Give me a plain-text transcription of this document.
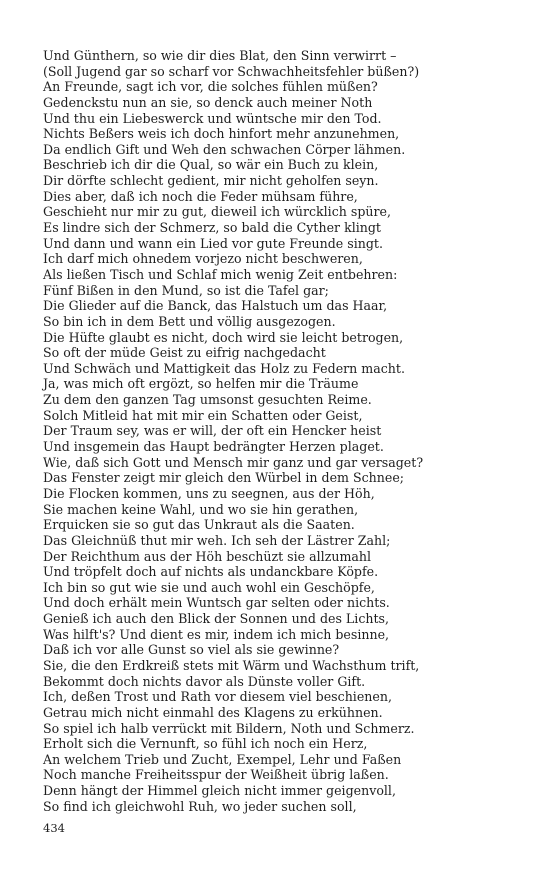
Und Günthern, so wie dir dies Blat, den Sinn verwirrt –
(Soll Jugend gar so scharf vor Schwachheitsfehler büßen?)
An Freunde, sagt ich vor, die solches fühlen müßen?
Gedenckstu nun an sie, so denck auch meiner Noth
Und thu ein Liebeswerck und wüntsche mir den Tod.
Nichts Beßers weis ich doch hinfort mehr anzunehmen,
Da endlich Gift und Weh den schwachen Cörper lähmen.
Beschrieb ich dir die Qual, so wär ein Buch zu klein,
Dir dörfte schlecht gedient, mir nicht geholfen seyn.
Dies aber, daß ich noch die Feder mühsam führe,
Geschieht nur mir zu gut, dieweil ich würcklich spüre,
Es lindre sich der Schmerz, so bald die Cyther klingt
Und dann und wann ein Lied vor gute Freunde singt.
Ich darf mich ohnedem vorjezo nicht beschweren,
Als ließen Tisch und Schlaf mich wenig Zeit entbehren:
Fünf Bißen in den Mund, so ist die Tafel gar;
Die Glieder auf die Banck, das Halstuch um das Haar,
So bin ich in dem Bett und völlig ausgezogen.
Die Hüfte glaubt es nicht, doch wird sie leicht betrogen,
So oft der müde Geist zu eifrig nachgedacht
Und Schwäch und Mattigkeit das Holz zu Federn macht.
Ja, was mich oft ergözt, so helfen mir die Träume
Zu dem den ganzen Tag umsonst gesuchten Reime.
Solch Mitleid hat mit mir ein Schatten oder Geist,
Der Traum sey, was er will, der oft ein Hencker heist
Und insgemein das Haupt bedrängter Herzen plaget.
Wie, daß sich Gott und Mensch mir ganz und gar versaget?
Das Fenster zeigt mir gleich den Würbel in dem Schnee;
Die Flocken kommen, uns zu seegnen, aus der Höh,
Sie machen keine Wahl, und wo sie hin gerathen,
Erquicken sie so gut das Unkraut als die Saaten.
Das Gleichnüß thut mir weh. Ich seh der Lästrer Zahl;
Der Reichthum aus der Höh beschüzt sie allzumahl
Und tröpfelt doch auf nichts als undanckbare Köpfe.
Ich bin so gut wie sie und auch wohl ein Geschöpfe,
Und doch erhält mein Wuntsch gar selten oder nichts.
Genieß ich auch den Blick der Sonnen und des Lichts,
Was hilft's? Und dient es mir, indem ich mich besinne,
Daß ich vor alle Gunst so viel als sie gewinne?
Sie, die den Erdkreiß stets mit Wärm und Wachsthum trift,
Bekommt doch nichts davor als Dünste voller Gift.
Ich, deßen Trost und Rath vor diesem viel beschienen,
Getrau mich nicht einmahl des Klagens zu erkühnen.
So spiel ich halb verrückt mit Bildern, Noth und Schmerz.
Erholt sich die Vernunft, so fühl ich noch ein Herz,
An welchem Trieb und Zucht, Exempel, Lehr und Faßen
Noch manche Freiheitsspur der Weißheit übrig laßen.
Denn hängt der Himmel gleich nicht immer geigenvoll,
So find ich gleichwohl Ruh, wo jeder suchen soll,
434
